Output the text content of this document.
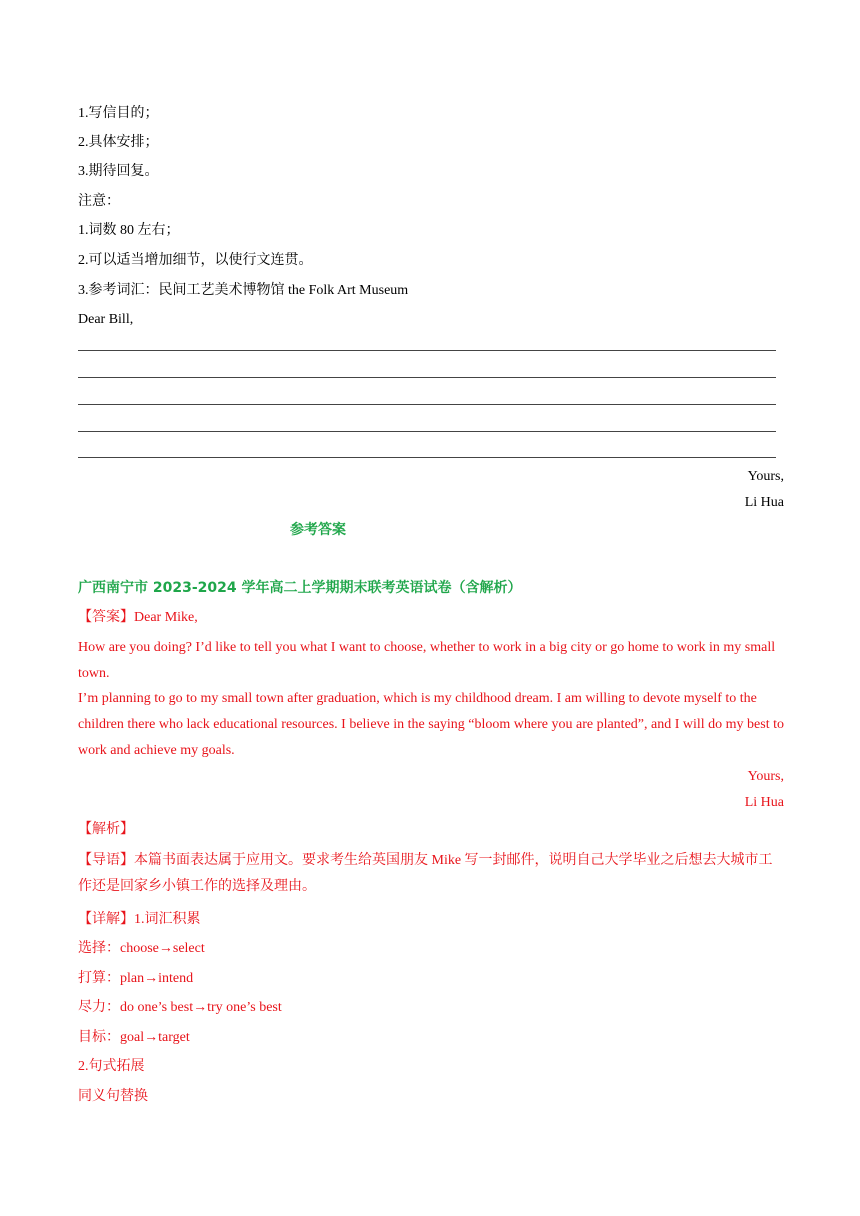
1.写信目的；
2.具体安排；
3.期待回复。
注意：
1.词数 80 左右；
2.可以适当增加细节，以使行文连贯。
3.参考词汇：民间工艺美术博物馆 the Folk Art Museum
Dear Bill,
Yours,
Li Hua
参考答案
广西南宁市 2023-2024 学年高二上学期期末联考英语试卷（含解析）
【答案】Dear Mike,
How are you doing? I’d like to tell you what I want to choose, whether to work in a big city or go home to work in my small town.
I’m planning to go to my small town after graduation, which is my childhood dream. I am willing to devote myself to the children there who lack educational resources. I believe in the saying “bloom where you are planted”, and I will do my best to work and achieve my goals.
Yours,
Li Hua
【解析】
【导语】本篇书面表达属于应用文。要求考生给英国朋友 Mike 写一封邮件，说明自己大学毕业之后想去大城市工作还是回家乡小镇工作的选择及理由。
【详解】1.词汇积累
选择：choose→select
打算：plan→intend
尽力：do one’s best→try one’s best
目标：goal→target
2.句式拓展
同义句替换
